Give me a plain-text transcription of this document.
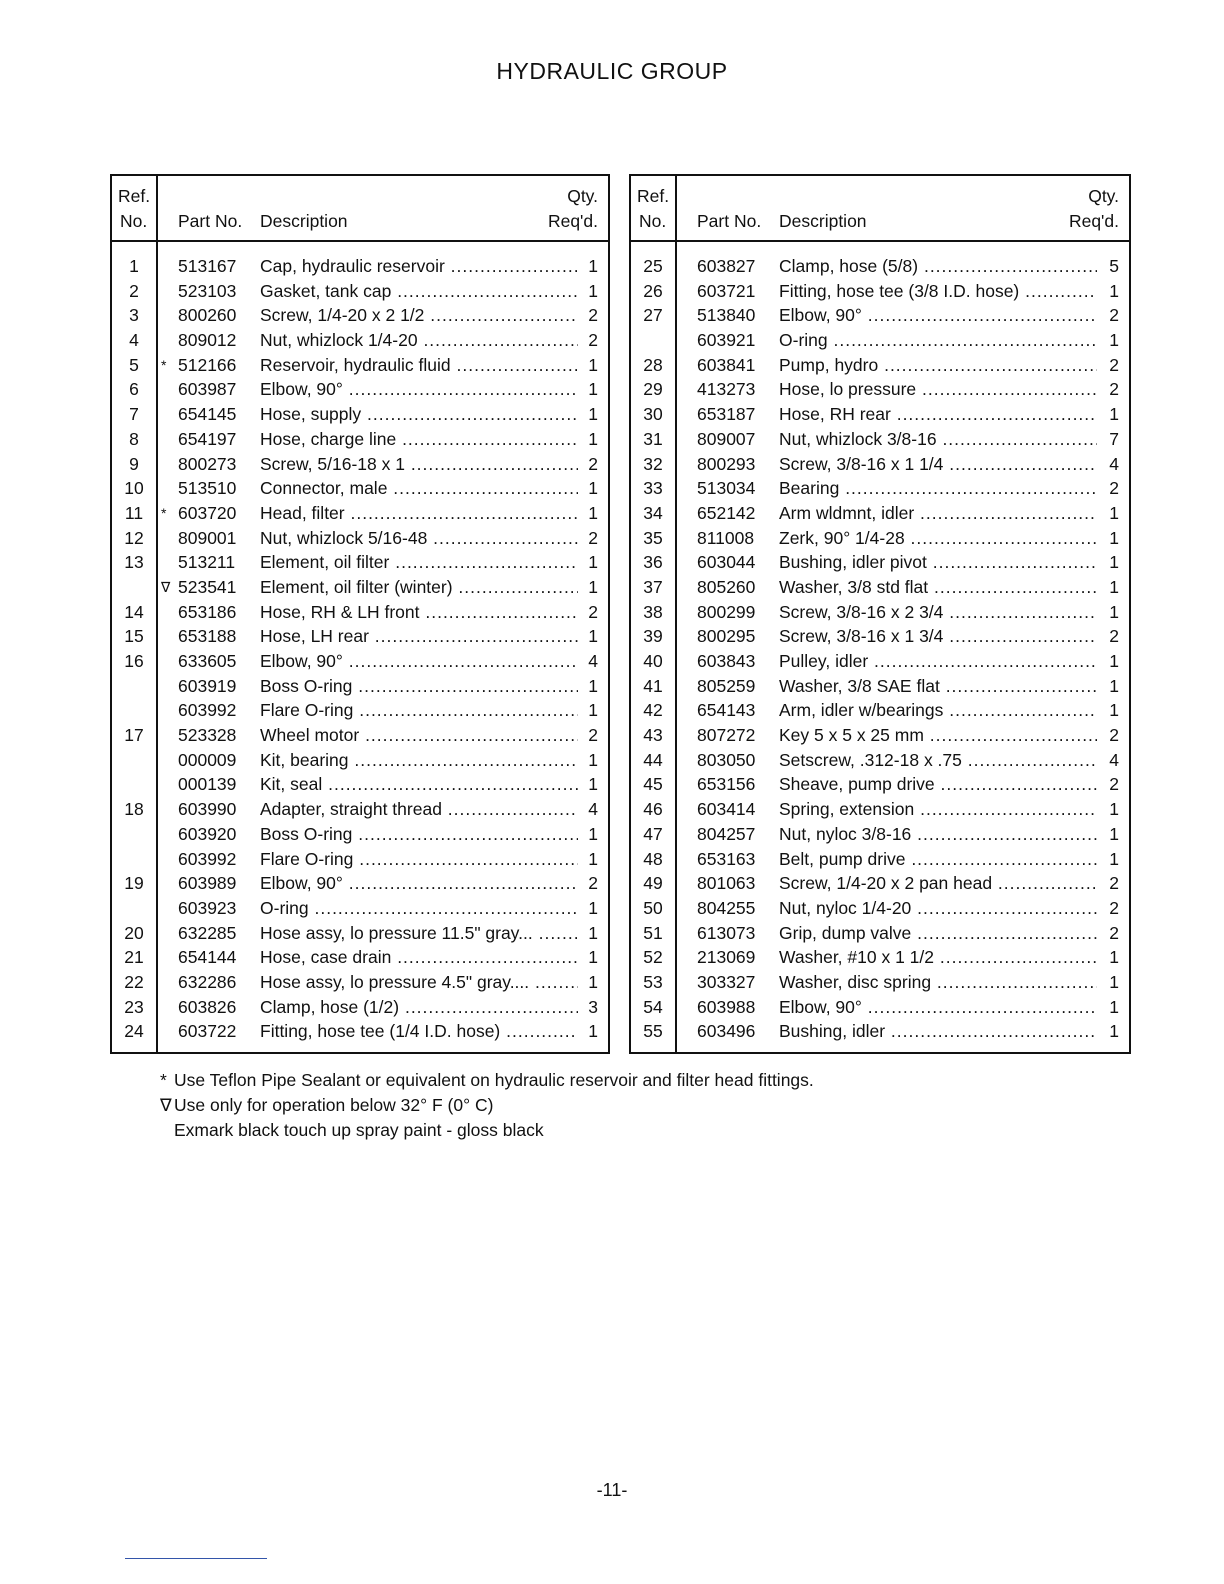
HYDRAULIC GROUP
Ref.
No. Part No. Description
Qty.
Req'd.
1	513167 Cap, hydraulic reservoir .....	1
2	523103 Gasket, tank cap .....	1
3	800260 Screw, 1/4-20 x 2 1/2 .....	2
4	809012 Nut, whizlock 1/4-20 .....	2
5	* 512166 Reservoir, hydraulic fluid .....	1
6	603987 Elbow, 90° .....	1
7	654145 Hose, supply .....	1
8	654197 Hose, charge line .....	1
9	800273 Screw, 5/16-18 x 1 .....	2
10	513510 Connector, male .....	1
11	* 603720 Head, filter .....	1
12	809001 Nut, whizlock 5/16-48 .....	2
13	513211 Element, oil filter .....	1
∇ 523541 Element, oil filter (winter) .....	1
14	653186 Hose, RH & LH front .....	2
15	653188 Hose, LH rear .....	1
16	633605 Elbow, 90° .....	4
603919 Boss O-ring .....	1
603992 Flare O-ring .....	1
17	523328 Wheel motor .....	2
000009 Kit, bearing .....	1
000139 Kit, seal .....	1
18	603990 Adapter, straight thread .....	4
603920 Boss O-ring .....	1
603992 Flare O-ring .....	1
19	603989 Elbow, 90° .....	2
603923 O-ring .....	1
20	632285 Hose assy, lo pressure 11.5" gray... .....	1
21	654144 Hose, case drain .....	1
22	632286 Hose assy, lo pressure 4.5" gray.... .....	1
23	603826 Clamp, hose (1/2) .....	3
24	603722 Fitting, hose tee (1/4 I.D. hose) .....	1
Ref.
No. Part No. Description
Qty.
Req'd.
25	603827 Clamp, hose (5/8) .....	5
26	603721 Fitting, hose tee (3/8 I.D. hose) .....	1
27	513840 Elbow, 90° .....	2
603921 O-ring .....	1
28	603841 Pump, hydro .....	2
29	413273 Hose, lo pressure .....	2
30	653187 Hose, RH rear .....	1
31	809007 Nut, whizlock 3/8-16 .....	7
32	800293 Screw, 3/8-16 x 1 1/4 .....	4
33	513034 Bearing .....	2
34	652142 Arm wldmnt, idler .....	1
35	811008 Zerk, 90° 1/4-28 .....	1
36	603044 Bushing, idler pivot .....	1
37	805260 Washer, 3/8 std flat .....	1
38	800299 Screw, 3/8-16 x 2 3/4 .....	1
39	800295 Screw, 3/8-16 x 1 3/4 .....	2
40	603843 Pulley, idler .....	1
41	805259 Washer, 3/8 SAE flat .....	1
42	654143 Arm, idler w/bearings .....	1
43	807272 Key 5 x 5 x 25 mm .....	2
44	803050 Setscrew, .312-18 x .75 .....	4
45	653156 Sheave, pump drive .....	2
46	603414 Spring, extension .....	1
47	804257 Nut, nyloc 3/8-16 .....	1
48	653163 Belt, pump drive .....	1
49	801063 Screw, 1/4-20 x 2 pan head .....	2
50	804255 Nut, nyloc 1/4-20 .....	2
51	613073 Grip, dump valve .....	2
52	213069 Washer, #10 x 1 1/2 .....	1
53	303327 Washer, disc spring .....	1
54	603988 Elbow, 90° .....	1
55	603496 Bushing, idler .....	1
* Use Teflon Pipe Sealant or equivalent on hydraulic reservoir and filter head fittings.
∇ Use only for operation below 32° F (0° C)
Exmark black touch up spray paint - gloss black
-11-
